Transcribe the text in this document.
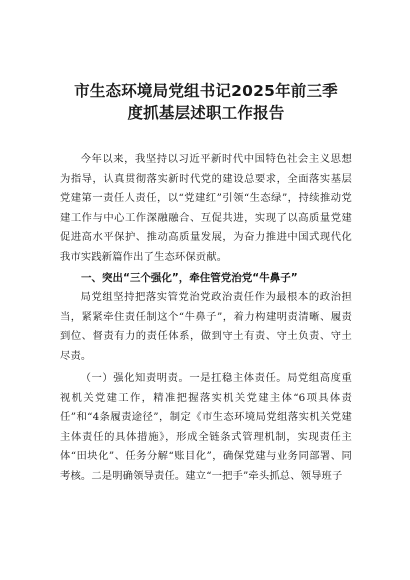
市生态环境局党组书记2025年前三季
度抓基层述职工作报告

今年以来，我坚持以习近平新时代中国特色社会主义思想为指导，认真贯彻落实新时代党的建设总要求，全面落实基层党建第一责任人责任，以“党建红”引领“生态绿”，持续推动党建工作与中心工作深融融合、互促共进，实现了以高质量党建促进高水平保护、推动高质量发展，为奋力推进中国式现代化我市实践新篇作出了生态环保贡献。

一、突出“三个强化”，牵住管党治党“牛鼻子”

局党组坚持把落实管党治党政治责任作为最根本的政治担当，紧紧牵住责任制这个“牛鼻子”，着力构建明责清晰、履责到位、督责有力的责任体系，做到守土有责、守土负责、守土尽责。

（一）强化知责明责。一是扛稳主体责任。局党组高度重视机关党建工作，精准把握落实机关党建主体“6项具体责任”和“4条履责途径”，制定《市生态环境局党组落实机关党建主体责任的具体措施》，形成全链条式管理机制，实现责任主体“田块化”、任务分解“账目化”，确保党建与业务同部署、同考核。二是明确领导责任。建立“一把手”牵头抓总、领导班子
